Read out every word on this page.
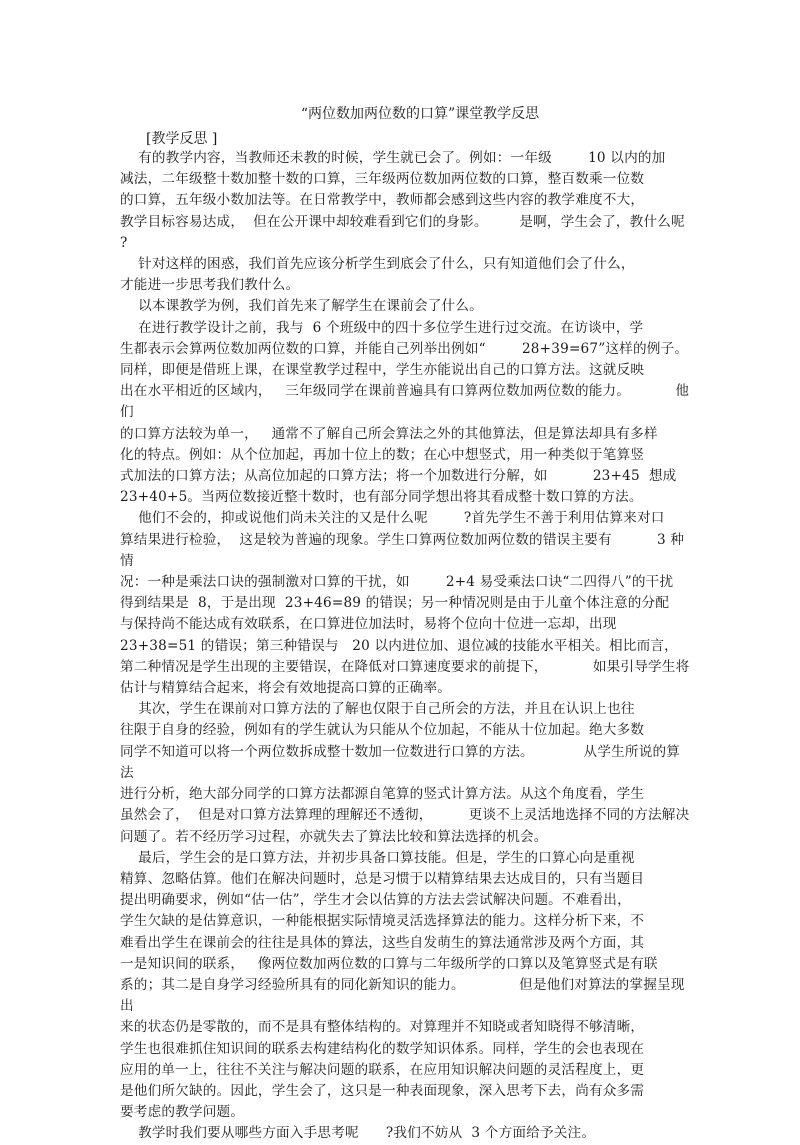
“两位数加两位数的口算”课堂教学反思
[教学反思 ]

有的教学内容，当教师还未教的时候，学生就已会了。例如：一年级        10 以内的加

减法，二年级整十数加整十数的口算，三年级两位数加两位数的口算，整百数乘一位数

的口算，五年级小数加法等。在日常教学中，教师都会感到这些内容的教学难度不大，

教学目标容易达成，  但在公开课中却较难看到它们的身影。       是啊，学生会了，教什么呢 ?

针对这样的困惑，我们首先应该分析学生到底会了什么，只有知道他们会了什么，

才能进一步思考我们教什么。

以本课教学为例，我们首先来了解学生在课前会了什么。

在进行教学设计之前，我与  6 个班级中的四十多位学生进行过交流。在访谈中，学

生都表示会算两位数加两位数的口算，并能自己列举出例如“        28+39=67”这样的例子。

同样，即便是借班上课，在课堂教学过程中，学生亦能说出自己的口算方法。这就反映

出在水平相近的区域内，   三年级同学在课前普遍具有口算两位数加两位数的能力。          他们

的口算方法较为单一，   通常不了解自己所会算法之外的其他算法，但是算法却具有多样

化的特点。例如：从个位加起，再加十位上的数；在心中想竖式，用一种类似于笔算竖

式加法的口算方法；从高位加起的口算方法；将一个加数进行分解，如          23+45  想成

23+40+5。当两位数接近整十数时，也有部分同学想出将其看成整十数口算的方法。

他们不会的，抑或说他们尚未关注的又是什么呢        ?首先学生不善于利用估算来对口

算结果进行检验，  这是较为普遍的现象。学生口算两位数加两位数的错误主要有          3 种情

况：一种是乘法口诀的强制激对口算的干扰，如        2+4 易受乘法口诀“二四得八”的干扰

得到结果是  8，于是出现  23+46=89 的错误；另一种情况则是由于儿童个体注意的分配

与保持尚不能达成有效联系，在口算进位加法时，易将个位向十位进一忘却，出现

23+38=51 的错误；第三种错误与   20 以内进位加、退位减的技能水平相关。相比而言，

第二种情况是学生出现的主要错误，在降低对口算速度要求的前提下，          如果引导学生将

估计与精算结合起来，将会有效地提高口算的正确率。

其次，学生在课前对口算方法的了解也仅限于自己所会的方法，并且在认识上也往

往限于自身的经验，例如有的学生就认为只能从个位加起，不能从十位加起。绝大多数

同学不知道可以将一个两位数拆成整十数加一位数进行口算的方法。           从学生所说的算法

进行分析，绝大部分同学的口算方法都源自笔算的竖式计算方法。从这个角度看，学生

虽然会了，  但是对口算方法算理的理解还不透彻，        更谈不上灵活地选择不同的方法解决

问题了。若不经历学习过程，亦就失去了算法比较和算法选择的机会。

最后，学生会的是口算方法，并初步具备口算技能。但是，学生的口算心向是重视

精算、忽略估算。他们在解决问题时，总是习惯于以精算结果去达成目的，只有当题目

提出明确要求，例如“估一估”，学生才会以估算的方法去尝试解决问题。不难看出，

学生欠缺的是估算意识，一种能根据实际情境灵活选择算法的能力。这样分析下来，不

难看出学生在课前会的往往是具体的算法，这些自发萌生的算法通常涉及两个方面，其

一是知识间的联系，   像两位数加两位数的口算与二年级所学的口算以及笔算竖式是有联

系的；其二是自身学习经验所具有的同化新知识的能力。            但是他们对算法的掌握呈现出

来的状态仍是零散的，而不是具有整体结构的。对算理并不知晓或者知晓得不够清晰，

学生也很难抓住知识间的联系去构建结构化的数学知识体系。同样，学生的会也表现在

应用的单一上，往往不关注与解决问题的联系，在应用知识解决问题的灵活程度上，更

是他们所欠缺的。因此，学生会了，这只是一种表面现象，深入思考下去，尚有众多需

要考虑的教学问题。

教学时我们要从哪些方面入手思考呢      ?我们不妨从  3 个方面给予关注。
